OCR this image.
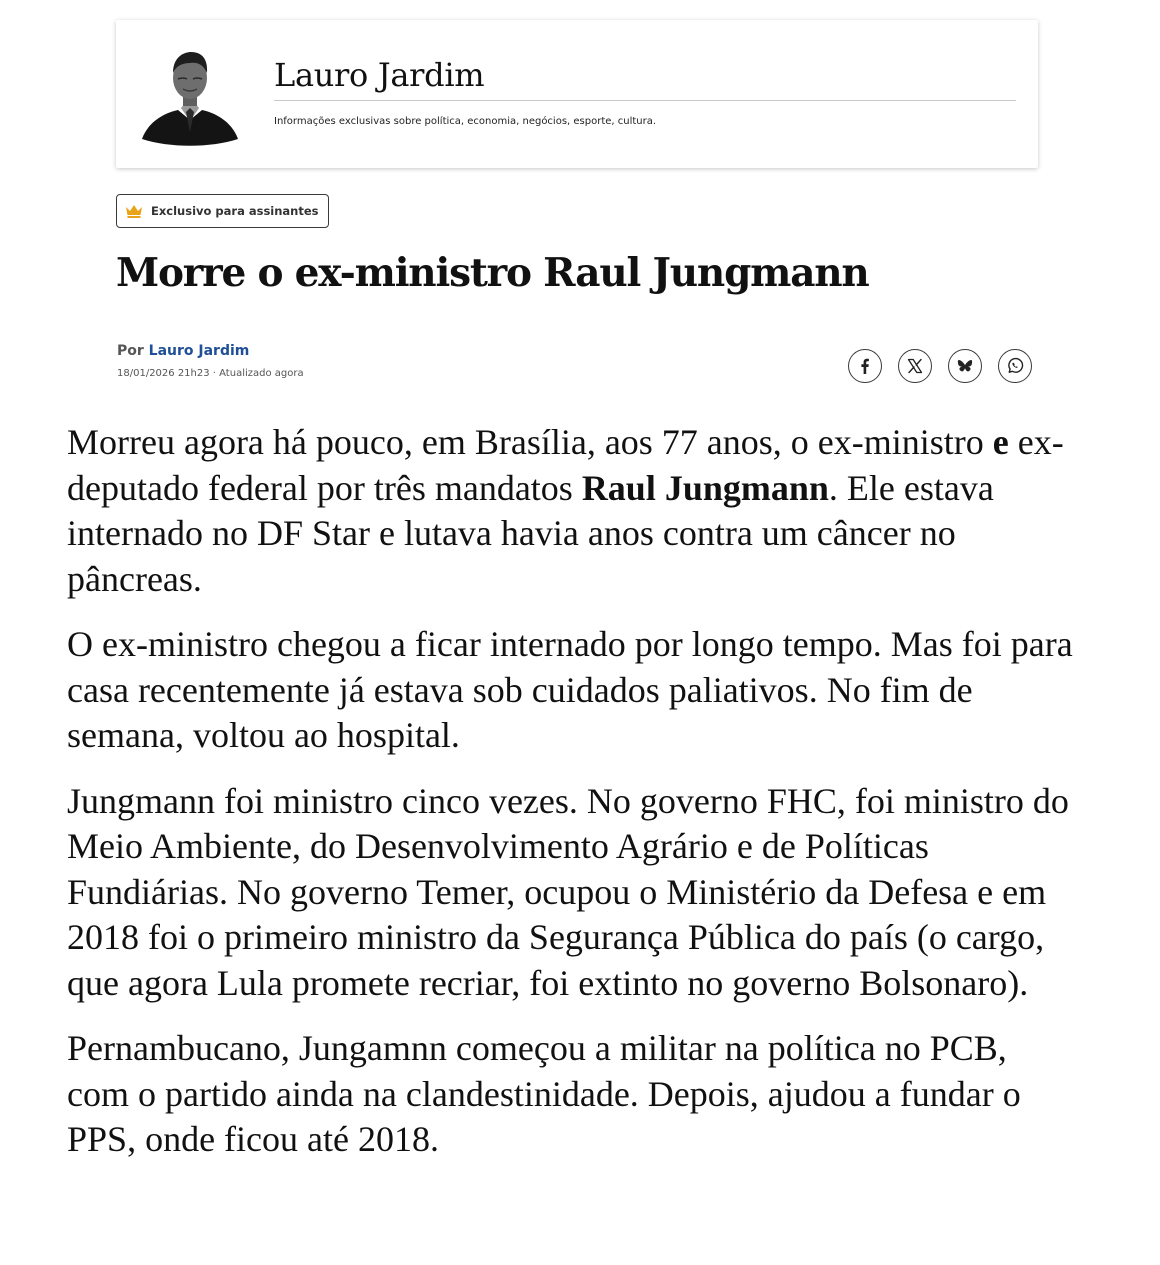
Lauro Jardim
Informações exclusivas sobre política, economia, negócios, esporte, cultura.
Exclusivo para assinantes
Morre o ex-ministro Raul Jungmann
Por Lauro Jardim
18/01/2026 21h23 · Atualizado agora

Morreu agora há pouco, em Brasília, aos 77 anos, o ex-ministro e ex-deputado federal por três mandatos Raul Jungmann. Ele estava internado no DF Star e lutava havia anos contra um câncer no pâncreas.

O ex-ministro chegou a ficar internado por longo tempo. Mas foi para casa recentemente já estava sob cuidados paliativos. No fim de semana, voltou ao hospital.

Jungmann foi ministro cinco vezes. No governo FHC, foi ministro do Meio Ambiente, do Desenvolvimento Agrário e de Políticas Fundiárias. No governo Temer, ocupou o Ministério da Defesa e em 2018 foi o primeiro ministro da Segurança Pública do país (o cargo, que agora Lula promete recriar, foi extinto no governo Bolsonaro).

Pernambucano, Jungamnn começou a militar na política no PCB, com o partido ainda na clandestinidade. Depois, ajudou a fundar o PPS, onde ficou até 2018.
